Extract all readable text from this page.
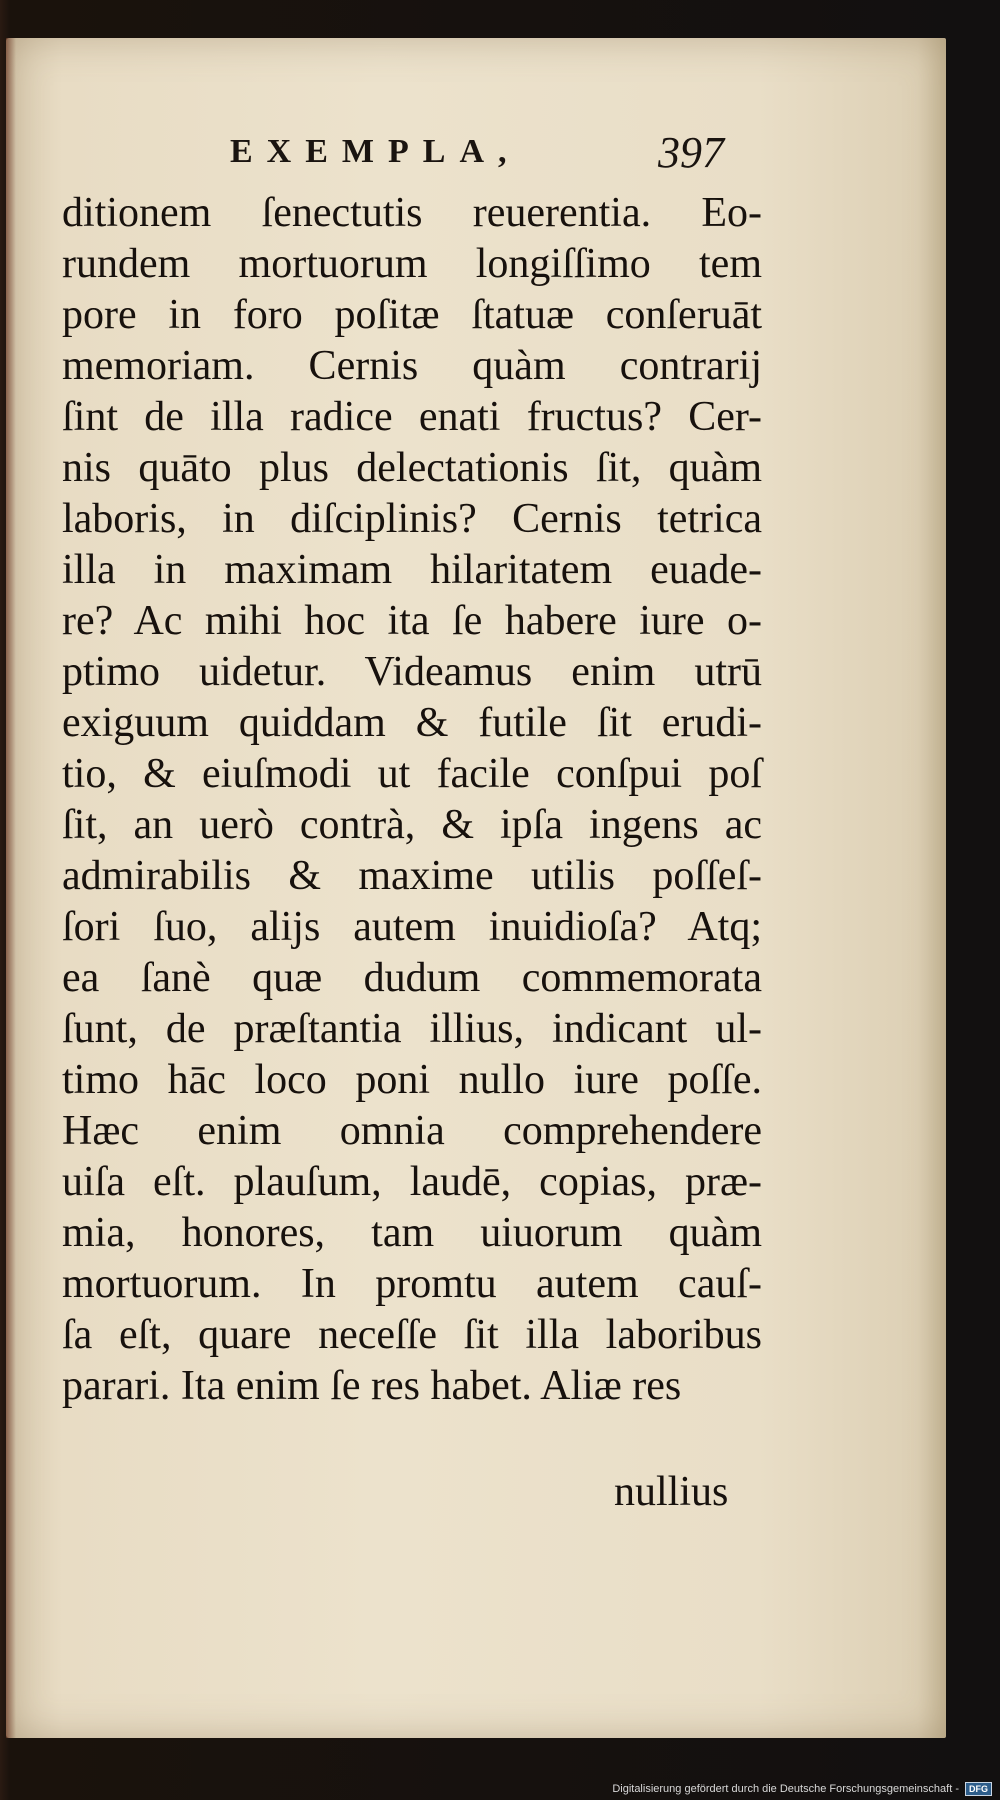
EXEMPLA,	397
ditionem ſenectutis reuerentia. Eo-
rundem mortuorum longiſſimo tem
pore in foro poſitæ ſtatuæ conſeruāt
memoriam. Cernis quàm contrarij
ſint de illa radice enati fructus? Cer-
nis quāto plus delectationis ſit, quàm
laboris, in diſciplinis? Cernis tetrica
illa in maximam hilaritatem euade-
re? Ac mihi hoc ita ſe habere iure o-
ptimo uidetur. Videamus enim utrū
exiguum quiddam & futile ſit erudi-
tio, & eiuſmodi ut facile conſpui poſ
ſit, an uerò contrà, & ipſa ingens ac
admirabilis & maxime utilis poſſeſ-
ſori ſuo, alijs autem inuidioſa? Atq;
ea ſanè quæ dudum commemorata
ſunt, de præſtantia illius, indicant ul-
timo hāc loco poni nullo iure poſſe.
Hæc enim omnia comprehendere
uiſa eſt. plauſum, laudē, copias, præ-
mia, honores, tam uiuorum quàm
mortuorum. In promtu autem cauſ-
ſa eſt, quare neceſſe ſit illa laboribus
parari. Ita enim ſe res habet. Aliæ res
nullius
Digitalisierung gefördert durch die Deutsche Forschungsgemeinschaft -	DFG
